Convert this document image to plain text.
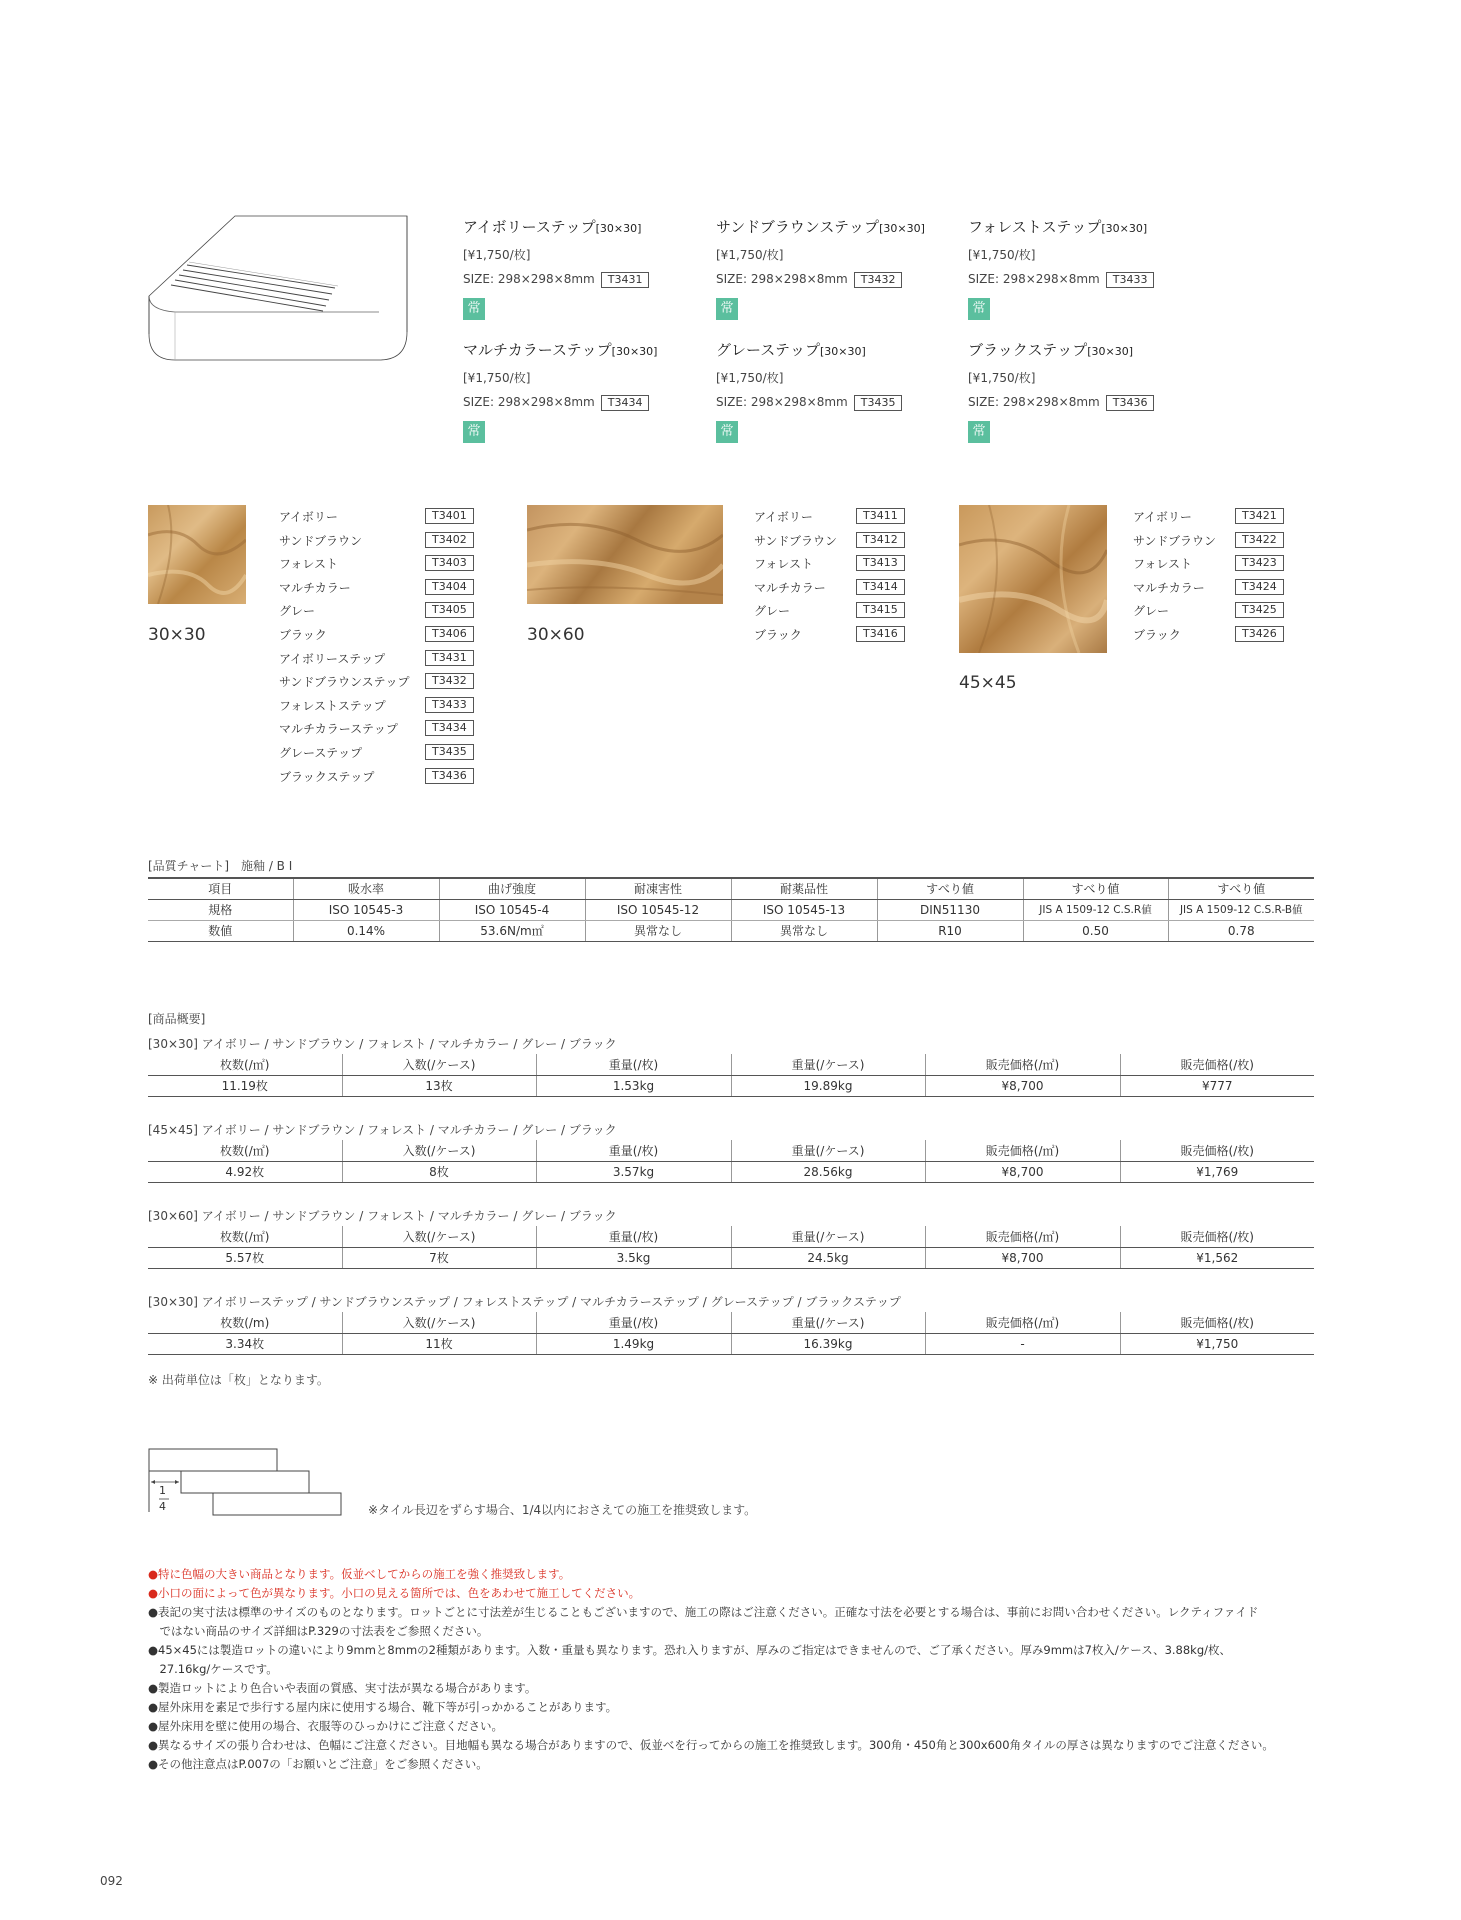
アイボリーステップ[30×30]
[¥1,750/枚]
SIZE: 298×298×8mm T3431
常
サンドブラウンステップ[30×30]
[¥1,750/枚]
SIZE: 298×298×8mm T3432
常
フォレストステップ[30×30]
[¥1,750/枚]
SIZE: 298×298×8mm T3433
常
マルチカラーステップ[30×30]
[¥1,750/枚]
SIZE: 298×298×8mm T3434
常
グレーステップ[30×30]
[¥1,750/枚]
SIZE: 298×298×8mm T3435
常
ブラックステップ[30×30]
[¥1,750/枚]
SIZE: 298×298×8mm T3436
常
30×30
アイボリー	T3401
サンドブラウン	T3402
フォレスト	T3403
マルチカラー	T3404
グレー	T3405
ブラック	T3406
アイボリーステップ	T3431
サンドブラウンステップ	T3432
フォレストステップ	T3433
マルチカラーステップ	T3434
グレーステップ	T3435
ブラックステップ	T3436
30×60
アイボリー	T3411
サンドブラウン	T3412
フォレスト	T3413
マルチカラー	T3414
グレー	T3415
ブラック	T3416
45×45
アイボリー	T3421
サンドブラウン	T3422
フォレスト	T3423
マルチカラー	T3424
グレー	T3425
ブラック	T3426
[品質チャート]　施釉 / B I
項目	吸水率	曲げ強度	耐凍害性	耐薬品性	すべり値	すべり値	すべり値
規格	ISO 10545-3	ISO 10545-4	ISO 10545-12	ISO 10545-13	DIN51130	JIS A 1509-12 C.S.R値	JIS A 1509-12 C.S.R-B値
数値	0.14%	53.6N/m㎡	異常なし	異常なし	R10	0.50	0.78
[商品概要]
[30×30] アイボリー / サンドブラウン / フォレスト / マルチカラー / グレー / ブラック
枚数(/㎡)	入数(/ケース)	重量(/枚)	重量(/ケース)	販売価格(/㎡)	販売価格(/枚)
11.19枚	13枚	1.53kg	19.89kg	¥8,700	¥777
[45×45] アイボリー / サンドブラウン / フォレスト / マルチカラー / グレー / ブラック
枚数(/㎡)	入数(/ケース)	重量(/枚)	重量(/ケース)	販売価格(/㎡)	販売価格(/枚)
4.92枚	8枚	3.57kg	28.56kg	¥8,700	¥1,769
[30×60] アイボリー / サンドブラウン / フォレスト / マルチカラー / グレー / ブラック
枚数(/㎡)	入数(/ケース)	重量(/枚)	重量(/ケース)	販売価格(/㎡)	販売価格(/枚)
5.57枚	7枚	3.5kg	24.5kg	¥8,700	¥1,562
[30×30] アイボリーステップ / サンドブラウンステップ / フォレストステップ / マルチカラーステップ / グレーステップ / ブラックステップ
枚数(/m)	入数(/ケース)	重量(/枚)	重量(/ケース)	販売価格(/㎡)	販売価格(/枚)
3.34枚	11枚	1.49kg	16.39kg	-	¥1,750
※ 出荷単位は「枚」となります。
1
4	※タイル長辺をずらす場合、1/4以内におさえての施工を推奨致します。
●特に色幅の大きい商品となります。仮並べしてからの施工を強く推奨致します。
●小口の面によって色が異なります。小口の見える箇所では、色をあわせて施工してください。
●表記の実寸法は標準のサイズのものとなります。ロットごとに寸法差が生じることもございますので、施工の際はご注意ください。正確な寸法を必要とする場合は、事前にお問い合わせください。レクティファイド
　ではない商品のサイズ詳細はP.329の寸法表をご参照ください。
●45×45には製造ロットの違いにより9mmと8mmの2種類があります。入数・重量も異なります。恐れ入りますが、厚みのご指定はできませんので、ご了承ください。厚み9mmは7枚入/ケース、3.88kg/枚、
　27.16kg/ケースです。
●製造ロットにより色合いや表面の質感、実寸法が異なる場合があります。
●屋外床用を素足で歩行する屋内床に使用する場合、靴下等が引っかかることがあります。
●屋外床用を壁に使用の場合、衣服等のひっかけにご注意ください。
●異なるサイズの張り合わせは、色幅にご注意ください。目地幅も異なる場合がありますので、仮並べを行ってからの施工を推奨致します。300角・450角と300x600角タイルの厚さは異なりますのでご注意ください。
●その他注意点はP.007の「お願いとご注意」をご参照ください。
092
